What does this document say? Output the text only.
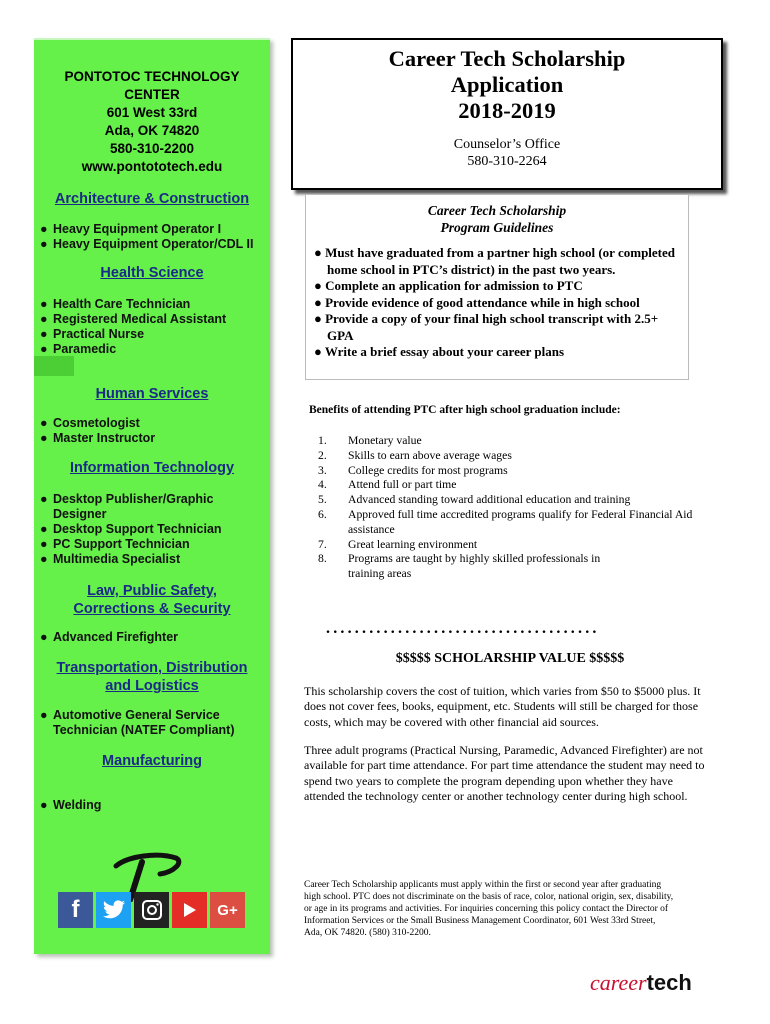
PONTOTOC TECHNOLOGY
CENTER
601 West 33rd
Ada, OK 74820
580-310-2200
www.pontototech.edu
Architecture & Construction
● Heavy Equipment Operator I
● Heavy Equipment Operator/CDL II
Health Science
● Health Care Technician
● Registered Medical Assistant
● Practical Nurse
● Paramedic
Human Services
● Cosmetologist
● Master Instructor
Information Technology
● Desktop Publisher/Graphic
Designer
● Desktop Support Technician
● PC Support Technician
● Multimedia Specialist
Law, Public Safety,
Corrections & Security
● Advanced Firefighter
Transportation, Distribution
and Logistics
● Automotive General Service
Technician (NATEF Compliant)
Manufacturing
● Welding
f	G+
Career Tech Scholarship
Application
2018-2019
Counselor’s Office
580-310-2264
Career Tech Scholarship
Program Guidelines
● Must have graduated from a partner high school (or completed home school in PTC’s district) in the past two years.
● Complete an application for admission to PTC
● Provide evidence of good attendance while in high school
● Provide a copy of your final high school transcript with 2.5+ GPA
● Write a brief essay about your career plans
Benefits of attending PTC after high school graduation include:
1.	Monetary value
2.	Skills to earn above average wages
3.	College credits for most programs
4.	Attend full or part time
5.	Advanced standing toward additional education and training
6.	Approved full time accredited programs qualify for Federal Financial Aid assistance
7.	Great learning environment
8.	Programs are taught by highly skilled professionals in training areas
......................................
$$$$$ SCHOLARSHIP VALUE $$$$$
This scholarship covers the cost of tuition, which varies from $50 to $5000 plus. It does not cover fees, books, equipment, etc. Students will still be charged for those costs, which may be covered with other financial aid sources.
Three adult programs (Practical Nursing, Paramedic, Advanced Firefighter) are not available for part time attendance. For part time attendance the student may need to spend two years to complete the program depending upon whether they have attended the technology center or another technology center during high school.
Career Tech Scholarship applicants must apply within the first or second year after graduating high school. PTC does not discriminate on the basis of race, color, national origin, sex, disability, or age in its programs and activities. For inquiries concerning this policy contact the Director of Information Services or the Small Business Management Coordinator, 601 West 33rd Street, Ada, OK 74820. (580) 310-2200.
careertech
